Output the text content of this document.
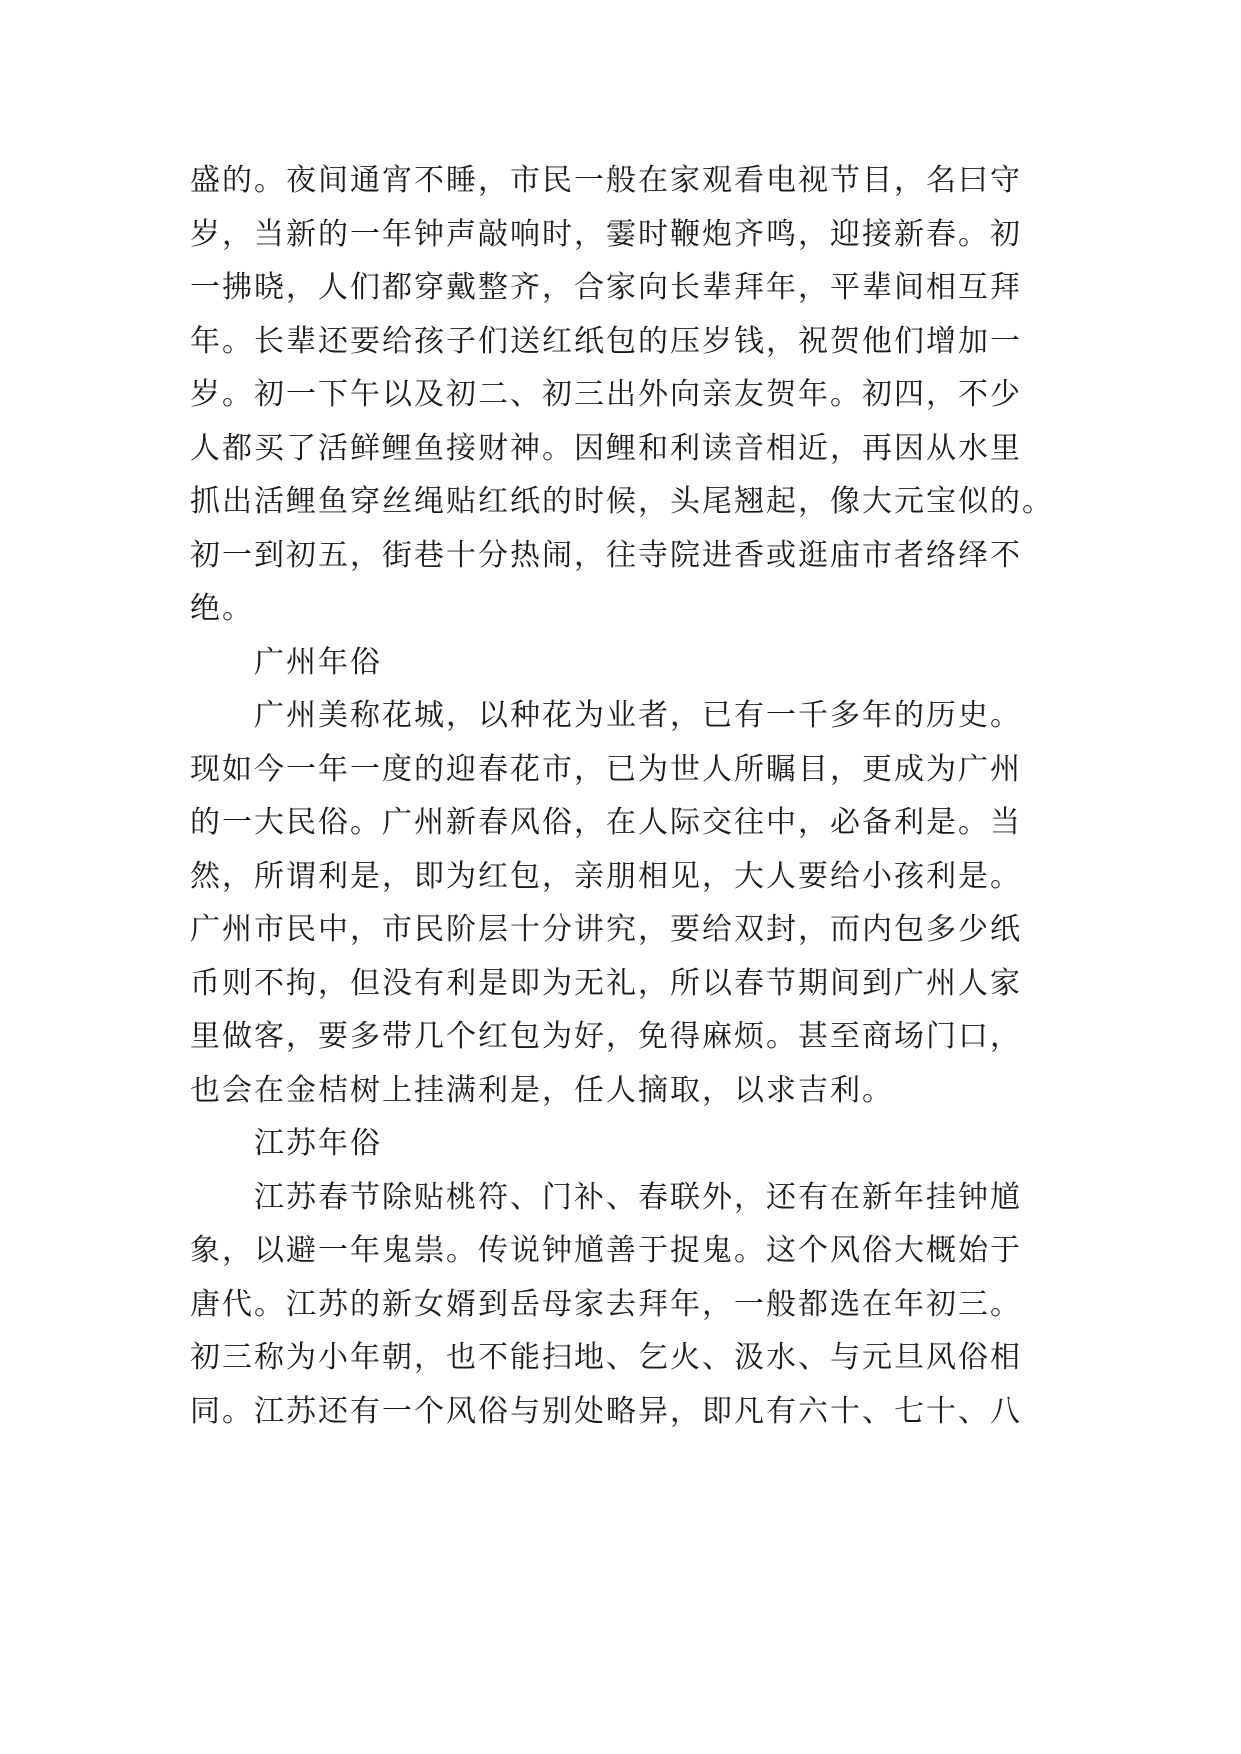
盛的。夜间通宵不睡，市民一般在家观看电视节目，名曰守
岁，当新的一年钟声敲响时，霎时鞭炮齐鸣，迎接新春。初
一拂晓，人们都穿戴整齐，合家向长辈拜年，平辈间相互拜
年。长辈还要给孩子们送红纸包的压岁钱，祝贺他们增加一
岁。初一下午以及初二、初三出外向亲友贺年。初四，不少
人都买了活鲜鲤鱼接财神。因鲤和利读音相近，再因从水里
抓出活鲤鱼穿丝绳贴红纸的时候，头尾翘起，像大元宝似的。
初一到初五，街巷十分热闹，往寺院进香或逛庙市者络绎不
绝。
广州年俗
广州美称花城，以种花为业者，已有一千多年的历史。
现如今一年一度的迎春花市，已为世人所瞩目，更成为广州
的一大民俗。广州新春风俗，在人际交往中，必备利是。当
然，所谓利是，即为红包，亲朋相见，大人要给小孩利是。
广州市民中，市民阶层十分讲究，要给双封，而内包多少纸
币则不拘，但没有利是即为无礼，所以春节期间到广州人家
里做客，要多带几个红包为好，免得麻烦。甚至商场门口，
也会在金桔树上挂满利是，任人摘取，以求吉利。
江苏年俗
江苏春节除贴桃符、门补、春联外，还有在新年挂钟馗
象，以避一年鬼祟。传说钟馗善于捉鬼。这个风俗大概始于
唐代。江苏的新女婿到岳母家去拜年，一般都选在年初三。
初三称为小年朝，也不能扫地、乞火、汲水、与元旦风俗相
同。江苏还有一个风俗与别处略异，即凡有六十、七十、八
